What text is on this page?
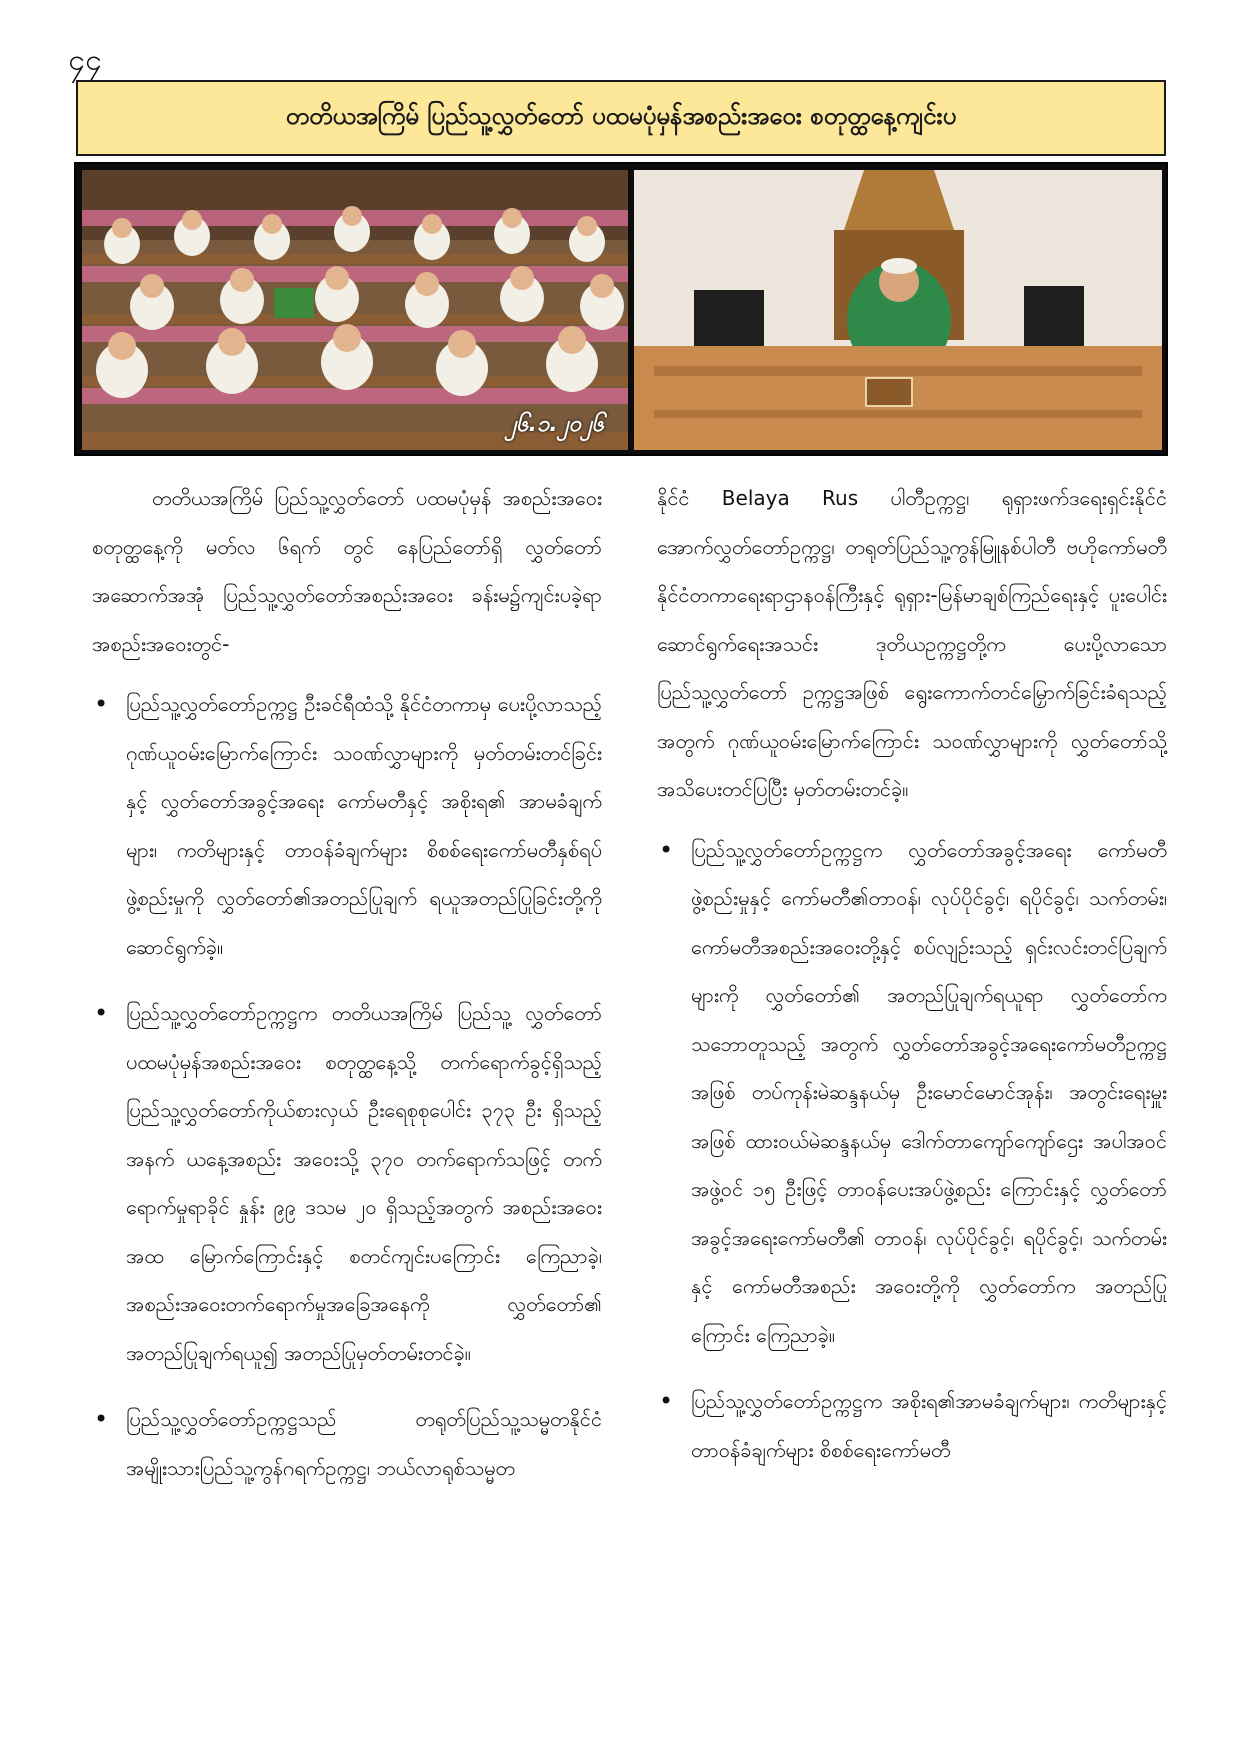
၄၄
တတိယအကြိမ် ပြည်သူ့လွှတ်တော် ပထမပုံမှန်အစည်းအဝေး စတုတ္ထနေ့ကျင်းပ
၂၆.၁.၂၀၂၆

တတိယအကြိမ် ပြည်သူ့လွှတ်တော် ပထမပုံမှန် အစည်းအဝေးစတုတ္ထနေ့ကို မတ်လ ၆ရက် တွင် နေပြည်တော်ရှိ လွှတ်တော်အဆောက်အအုံ ပြည်သူ့လွှတ်တော်အစည်းအဝေး ခန်းမ၌ကျင်းပခဲ့ရာ အစည်းအဝေးတွင်-

• ပြည်သူ့လွှတ်တော်ဥက္ကဋ္ဌ ဦးခင်ရီထံသို့ နိုင်ငံတကာမှ ပေးပို့လာသည့် ဂုဏ်ယူဝမ်းမြောက်ကြောင်း သဝဏ်လွှာများကို မှတ်တမ်းတင်ခြင်းနှင့် လွှတ်တော်အခွင့်အရေး ကော်မတီနှင့် အစိုးရ၏ အာမခံချက်များ၊ ကတိများနှင့် တာဝန်ခံချက်များ စိစစ်ရေးကော်မတီနှစ်ရပ်ဖွဲ့စည်းမှုကို လွှတ်တော်၏အတည်ပြုချက် ရယူအတည်ပြုခြင်းတို့ကို ဆောင်ရွက်ခဲ့။
• ပြည်သူ့လွှတ်တော်ဥက္ကဋ္ဌက တတိယအကြိမ် ပြည်သူ့ လွှတ်တော် ပထမပုံမှန်အစည်းအဝေး စတုတ္ထနေ့သို့ တက်ရောက်ခွင့်ရှိသည့် ပြည်သူ့လွှတ်တော်ကိုယ်စားလှယ် ဦးရေစုစုပေါင်း ၃၇၃ ဦး ရှိသည့်အနက် ယနေ့အစည်း အဝေးသို့ ၃၇၀ တက်ရောက်သဖြင့် တက်ရောက်မှုရာခိုင် နှုန်း ၉၉ ဒသမ ၂၀ ရှိသည့်အတွက် အစည်းအဝေးအထ မြောက်ကြောင်းနှင့် စတင်ကျင်းပကြောင်း ကြေညာခဲ့၊ အစည်းအဝေးတက်ရောက်မှုအခြေအနေကို လွှတ်တော်၏ အတည်ပြုချက်ရယူ၍ အတည်ပြုမှတ်တမ်းတင်ခဲ့။
• ပြည်သူ့လွှတ်တော်ဥက္ကဋ္ဌသည် တရုတ်ပြည်သူ့သမ္မတနိုင်ငံ အမျိုးသားပြည်သူ့ကွန်ဂရက်ဥက္ကဋ္ဌ၊ ဘယ်လာရုစ်သမ္မတ

နိုင်ငံ Belaya Rus ပါတီဥက္ကဋ္ဌ၊ ရုရှားဖက်ဒရေးရှင်းနိုင်ငံ အောက်လွှတ်တော်ဥက္ကဋ္ဌ၊ တရုတ်ပြည်သူ့ကွန်မြူနစ်ပါတီ ဗဟိုကော်မတီ နိုင်ငံတကာရေးရာဌာနဝန်ကြီးနှင့် ရုရှား-မြန်မာချစ်ကြည်ရေးနှင့် ပူးပေါင်းဆောင်ရွက်ရေးအသင်း ဒုတိယဥက္ကဋ္ဌတို့က ပေးပို့လာသော ပြည်သူ့လွှတ်တော် ဥက္ကဋ္ဌအဖြစ် ရွေးကောက်တင်မြှောက်ခြင်းခံရသည့် အတွက် ဂုဏ်ယူဝမ်းမြောက်ကြောင်း သဝဏ်လွှာများကို လွှတ်တော်သို့ အသိပေးတင်ပြပြီး မှတ်တမ်းတင်ခဲ့။

• ပြည်သူ့လွှတ်တော်ဥက္ကဋ္ဌက လွှတ်တော်အခွင့်အရေး ကော်မတီဖွဲ့စည်းမှုနှင့် ကော်မတီ၏တာဝန်၊ လုပ်ပိုင်ခွင့်၊ ရပိုင်ခွင့်၊ သက်တမ်း၊ ကော်မတီအစည်းအဝေးတို့နှင့် စပ်လျဉ်းသည့် ရှင်းလင်းတင်ပြချက်များကို လွှတ်တော်၏ အတည်ပြုချက်ရယူရာ လွှတ်တော်က သဘောတူသည့် အတွက် လွှတ်တော်အခွင့်အရေးကော်မတီဥက္ကဋ္ဌအဖြစ် တပ်ကုန်းမဲဆန္ဒနယ်မှ ဦးမောင်မောင်အုန်း၊ အတွင်းရေးမှူး အဖြစ် ထားဝယ်မဲဆန္ဒနယ်မှ ဒေါက်တာကျော်ကျော်ဌေး အပါအဝင် အဖွဲ့ဝင် ၁၅ ဦးဖြင့် တာဝန်ပေးအပ်ဖွဲ့စည်း ကြောင်းနှင့် လွှတ်တော်အခွင့်အရေးကော်မတီ၏ တာဝန်၊ လုပ်ပိုင်ခွင့်၊ ရပိုင်ခွင့်၊ သက်တမ်းနှင့် ကော်မတီအစည်း အဝေးတို့ကို လွှတ်တော်က အတည်ပြုကြောင်း ကြေညာခဲ့။
• ပြည်သူ့လွှတ်တော်ဥက္ကဋ္ဌက အစိုးရ၏အာမခံချက်များ၊ ကတိများနှင့် တာဝန်ခံချက်များ စိစစ်ရေးကော်မတီ
